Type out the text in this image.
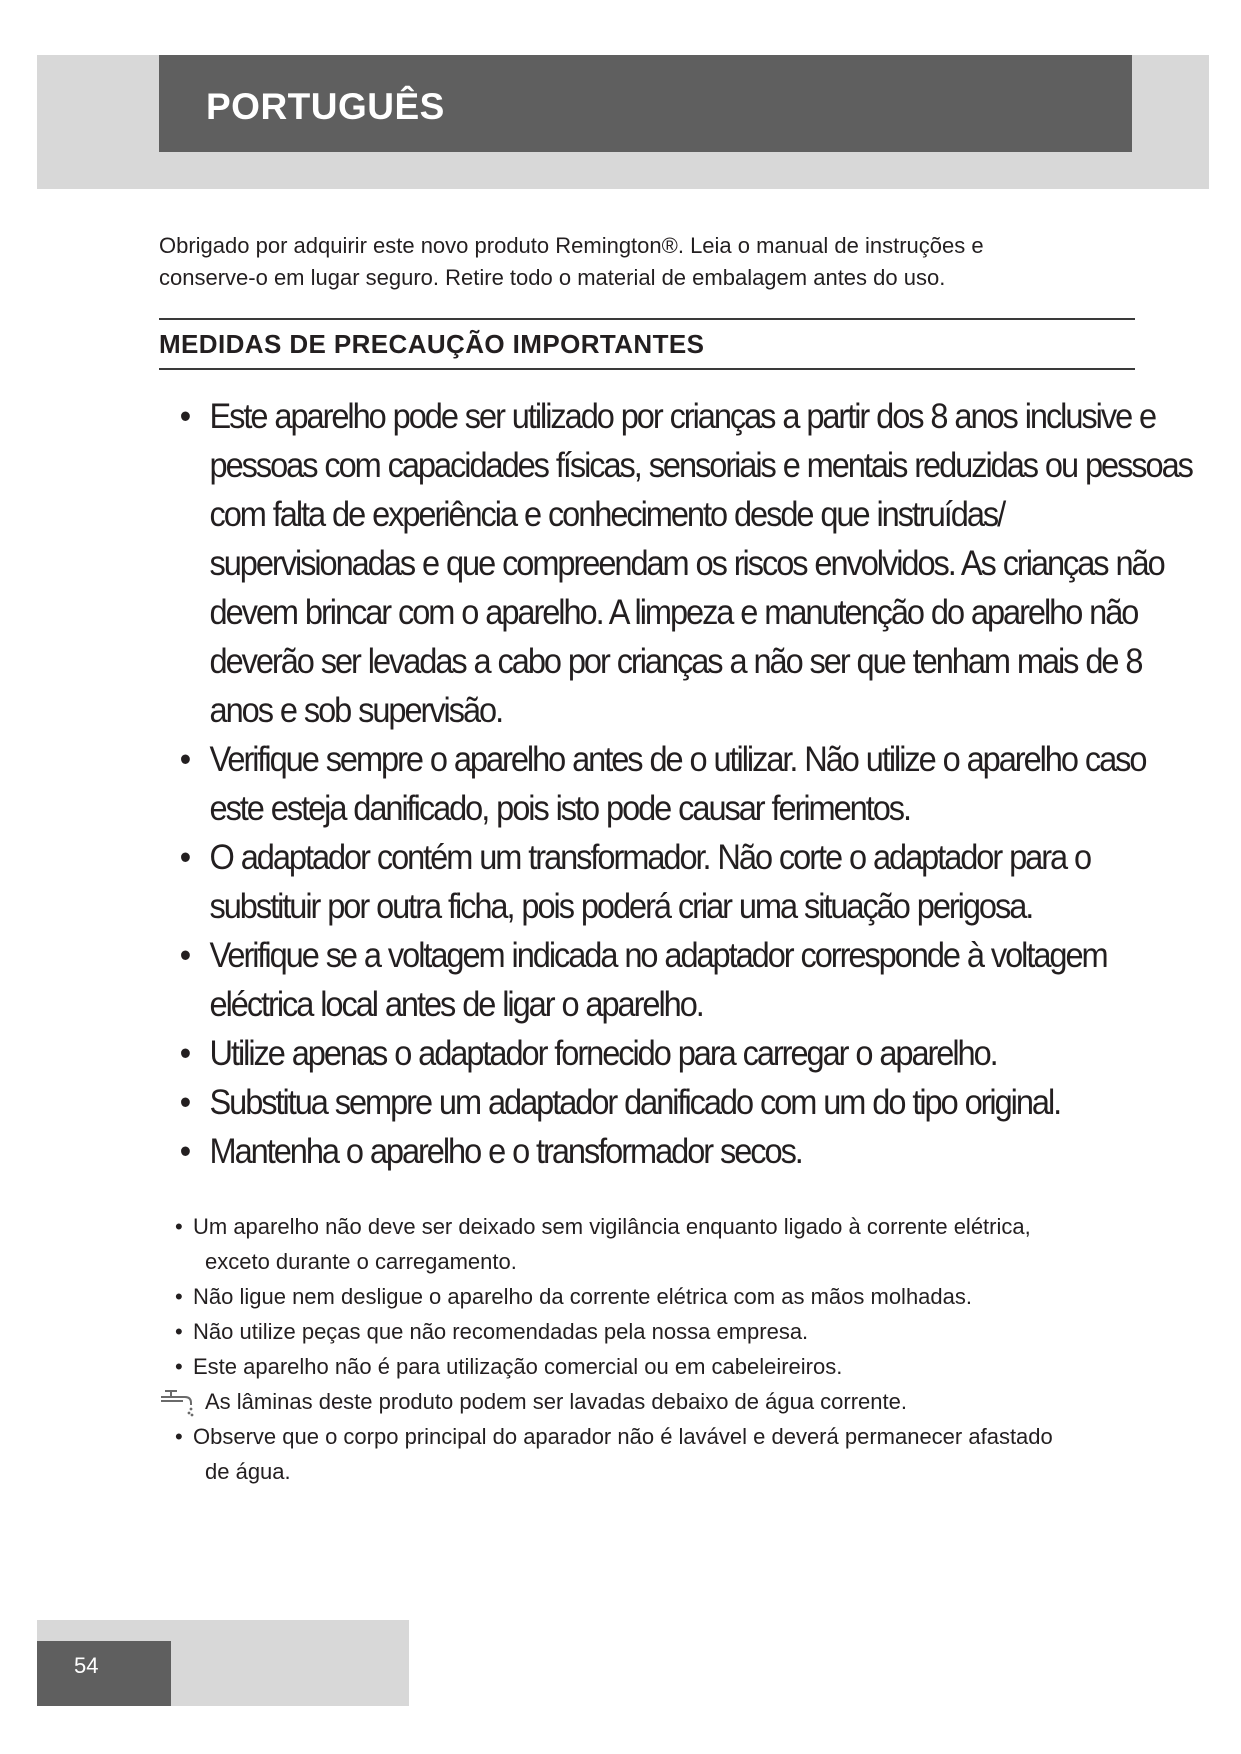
PORTUGUÊS

Obrigado por adquirir este novo produto Remington®. Leia o manual de instruções e
conserve-o em lugar seguro. Retire todo o material de embalagem antes do uso.

MEDIDAS DE PRECAUÇÃO IMPORTANTES
• Este aparelho pode ser utilizado por crianças a partir dos 8 anos inclusive e pessoas com capacidades físicas, sensoriais e mentais reduzidas ou pessoas com falta de experiência e conhecimento desde que instruídas/ supervisionadas e que compreendam os riscos envolvidos. As crianças não devem brincar com o aparelho. A limpeza e manutenção do aparelho não deverão ser levadas a cabo por crianças a não ser que tenham mais de 8 anos e sob supervisão.
• Verifique sempre o aparelho antes de o utilizar. Não utilize o aparelho caso este esteja danificado, pois isto pode causar ferimentos.
• O adaptador contém um transformador. Não corte o adaptador para o substituir por outra ficha, pois poderá criar uma situação perigosa.
• Verifique se a voltagem indicada no adaptador corresponde à voltagem eléctrica local antes de ligar o aparelho.
• Utilize apenas o adaptador fornecido para carregar o aparelho.
• Substitua sempre um adaptador danificado com um do tipo original.
• Mantenha o aparelho e o transformador secos.
• Um aparelho não deve ser deixado sem vigilância enquanto ligado à corrente elétrica,
exceto durante o carregamento.
• Não ligue nem desligue o aparelho da corrente elétrica com as mãos molhadas.
• Não utilize peças que não recomendadas pela nossa empresa.
• Este aparelho não é para utilização comercial ou em cabeleireiros.
As lâminas deste produto podem ser lavadas debaixo de água corrente.
• Observe que o corpo principal do aparador não é lavável e deverá permanecer afastado
de água.

54
